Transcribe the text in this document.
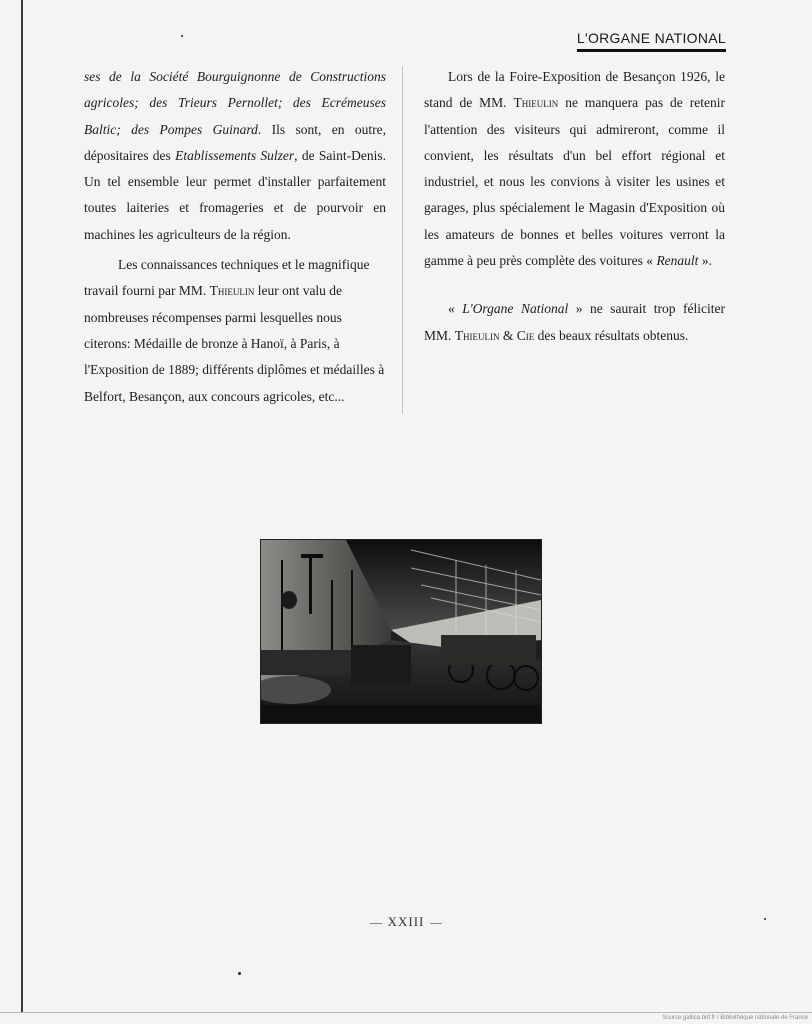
L'ORGANE NATIONAL

ses de la Société Bourguignonne de Constructions agricoles; des Trieurs Pernollet; des Ecrémeuses Baltic; des Pompes Guinard. Ils sont, en outre, dépositaires des Etablissements Sulzer, de Saint-Denis. Un tel ensemble leur permet d'installer parfaitement toutes laiteries et fromageries et de pourvoir en machines les agriculteurs de la région.

Les connaissances techniques et le magnifique travail fourni par MM. Thieulin leur ont valu de nombreuses récompenses parmi lesquelles nous citerons: Médaille de bronze à Hanoï, à Paris, à l'Exposition de 1889; différents diplômes et médailles à Belfort, Besançon, aux concours agricoles, etc...

Lors de la Foire-Exposition de Besançon 1926, le stand de MM. Thieulin ne manquera pas de retenir l'attention des visiteurs qui admireront, comme il convient, les résultats d'un bel effort régional et industriel, et nous les convions à visiter les usines et garages, plus spécialement le Magasin d'Exposition où les amateurs de bonnes et belles voitures verront la gamme à peu près complète des voitures « Renault ».

« L'Organe National » ne saurait trop féliciter MM. Thieulin & Cie des beaux résultats obtenus.

XXIII
Source gallica.bnf.fr / Bibliothèque nationale de France
